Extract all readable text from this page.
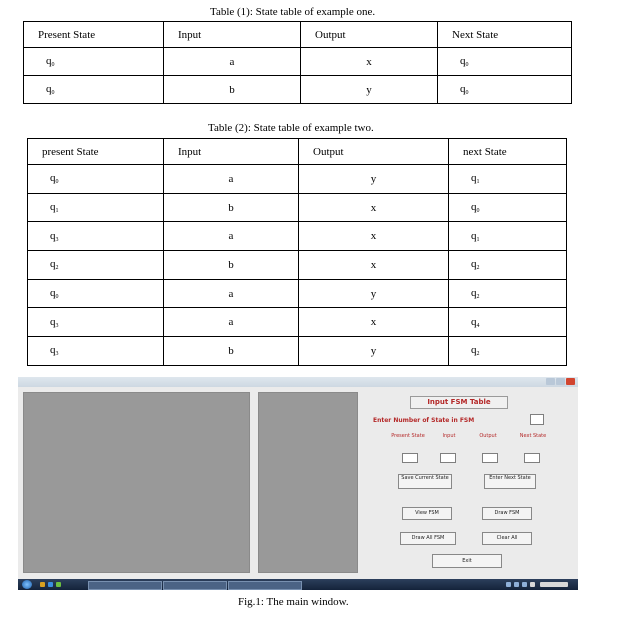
Table (1): State table of example one.
Present State	Input	Output	Next State
$q_0$	a	x	$q_0$
$q_0$	b	y	$q_0$
Table (2): State table of example two.
present State	Input	Output	next State
$q_0$	a	y	$q_1$
$q_1$	b	x	$q_0$
$q_3$	a	x	$q_1$
$q_2$	b	x	$q_2$
$q_0$	a	y	$q_2$
$q_3$	a	x	$q_4$
$q_3$	b	y	$q_2$
Input FSM Table
Enter Number of State in FSM
Present State	Input	Output	Next State
Save Current State	Enter Next State
View FSM	Draw FSM
Draw All FSM	Clear All
Exit
Fig.1: The main window.
